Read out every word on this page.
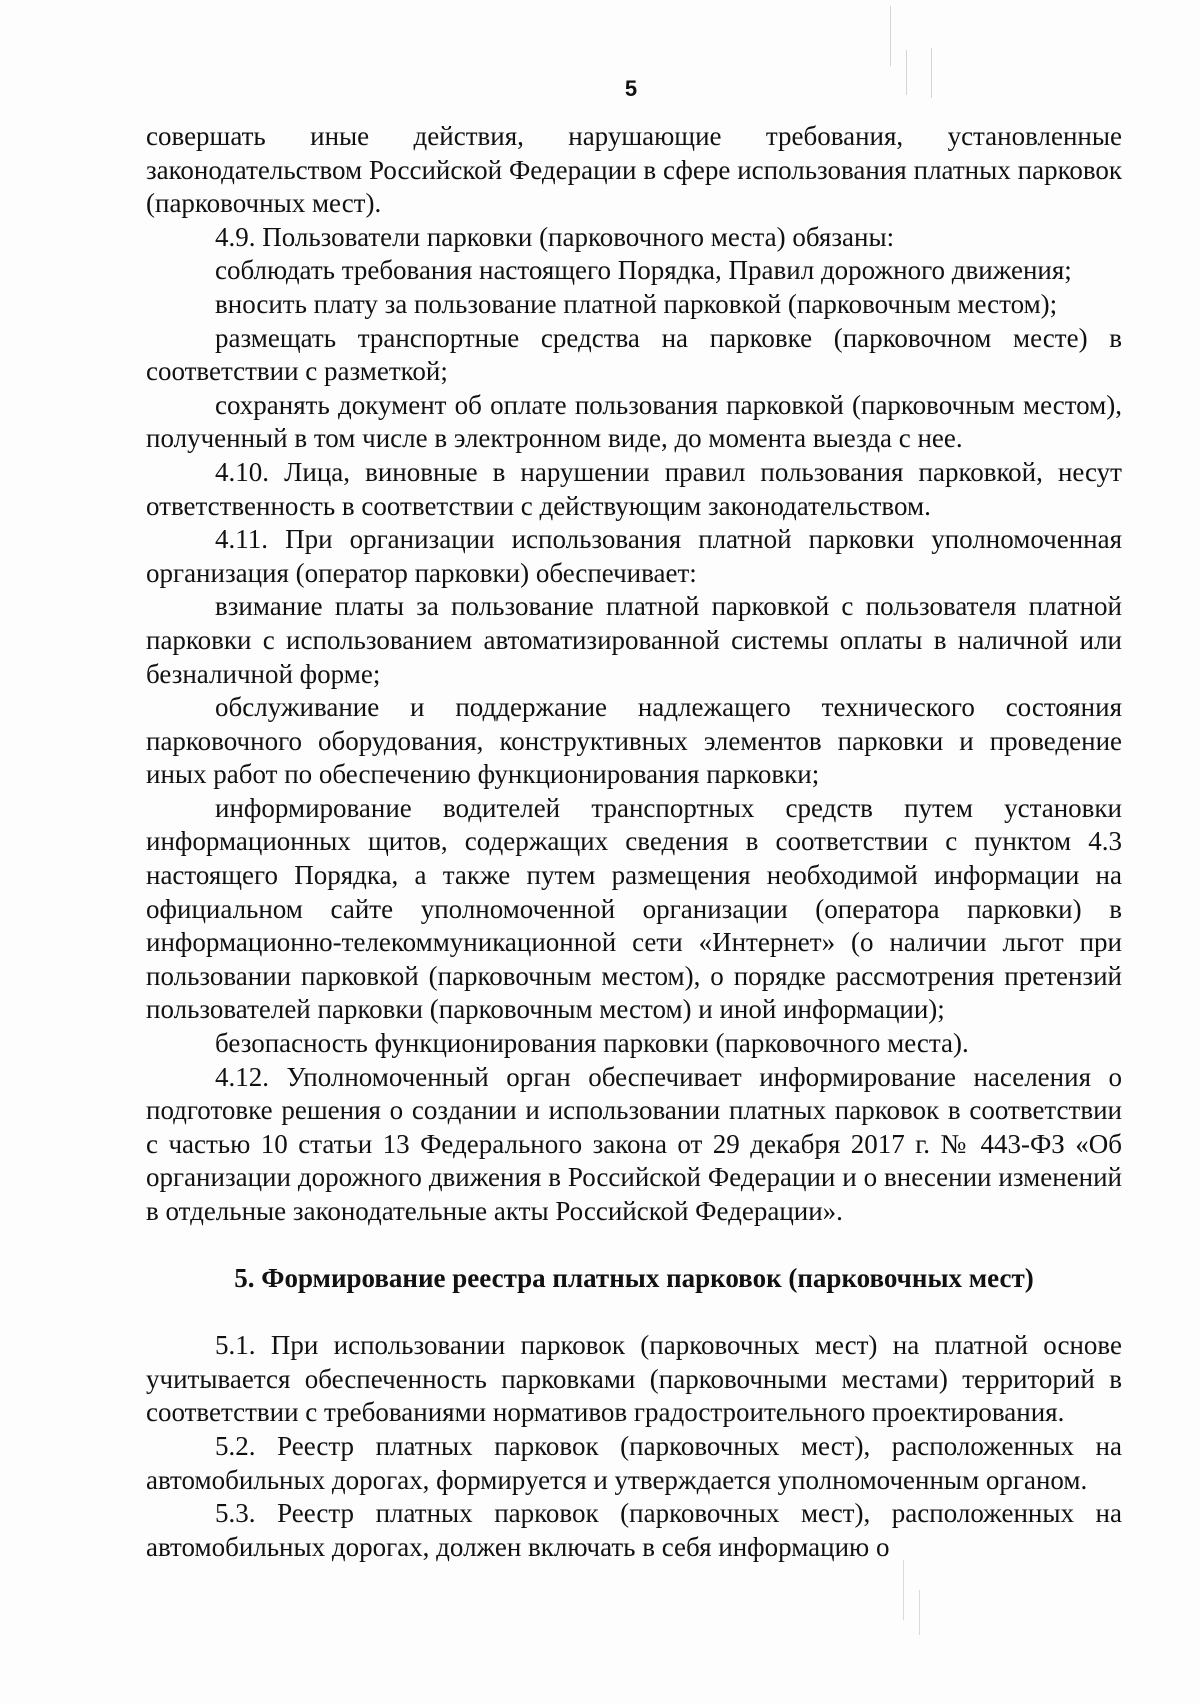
5

совершать иные действия, нарушающие требования, установленные законодательством Российской Федерации в сфере использования платных парковок (парковочных мест).

4.9. Пользователи парковки (парковочного места) обязаны:

соблюдать требования настоящего Порядка, Правил дорожного движения;

вносить плату за пользование платной парковкой (парковочным местом);

размещать транспортные средства на парковке (парковочном месте) в соответствии с разметкой;

сохранять документ об оплате пользования парковкой (парковочным местом), полученный в том числе в электронном виде, до момента выезда с нее.

4.10. Лица, виновные в нарушении правил пользования парковкой, несут ответственность в соответствии с действующим законодательством.

4.11. При организации использования платной парковки уполномоченная организация (оператор парковки) обеспечивает:

взимание платы за пользование платной парковкой с пользователя платной парковки с использованием автоматизированной системы оплаты в наличной или безналичной форме;

обслуживание и поддержание надлежащего технического состояния парковочного оборудования, конструктивных элементов парковки и проведение иных работ по обеспечению функционирования парковки;

информирование водителей транспортных средств путем установки информационных щитов, содержащих сведения в соответствии с пунктом 4.3 настоящего Порядка, а также путем размещения необходимой информации на официальном сайте уполномоченной организации (оператора парковки) в информационно-телекоммуникационной сети «Интернет» (о наличии льгот при пользовании парковкой (парковочным местом), о порядке рассмотрения претензий пользователей парковки (парковочным местом) и иной информации);

безопасность функционирования парковки (парковочного места).

4.12. Уполномоченный орган обеспечивает информирование населения о подготовке решения о создании и использовании платных парковок в соответствии с частью 10 статьи 13 Федерального закона от 29 декабря 2017 г. № 443-ФЗ «Об организации дорожного движения в Российской Федерации и о внесении изменений в отдельные законодательные акты Российской Федерации».

5. Формирование реестра платных парковок (парковочных мест)

5.1. При использовании парковок (парковочных мест) на платной основе учитывается обеспеченность парковками (парковочными местами) территорий в соответствии с требованиями нормативов градостроительного проектирования.

5.2. Реестр платных парковок (парковочных мест), расположенных на автомобильных дорогах, формируется и утверждается уполномоченным органом.

5.3. Реестр платных парковок (парковочных мест), расположенных на автомобильных дорогах, должен включать в себя информацию о
